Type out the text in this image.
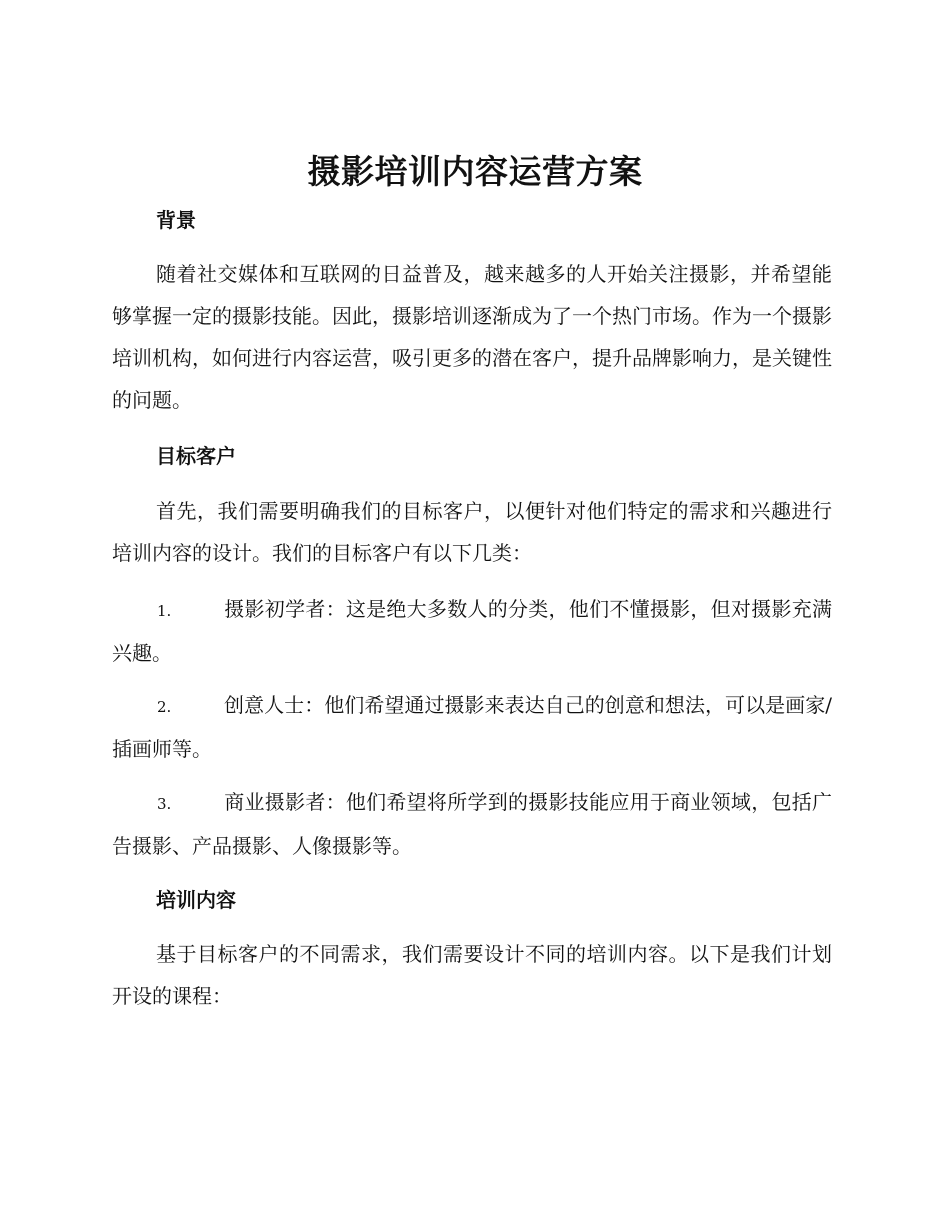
摄影培训内容运营方案
背景

随着社交媒体和互联网的日益普及，越来越多的人开始关注摄影，并希望能够掌握一定的摄影技能。因此，摄影培训逐渐成为了一个热门市场。作为一个摄影培训机构，如何进行内容运营，吸引更多的潜在客户，提升品牌影响力，是关键性的问题。

目标客户

首先，我们需要明确我们的目标客户，以便针对他们特定的需求和兴趣进行培训内容的设计。我们的目标客户有以下几类：

1.	摄影初学者：这是绝大多数人的分类，他们不懂摄影，但对摄影充满兴趣。

2.	创意人士：他们希望通过摄影来表达自己的创意和想法，可以是画家/插画师等。

3.	商业摄影者：他们希望将所学到的摄影技能应用于商业领域，包括广告摄影、产品摄影、人像摄影等。

培训内容

基于目标客户的不同需求，我们需要设计不同的培训内容。以下是我们计划开设的课程：
